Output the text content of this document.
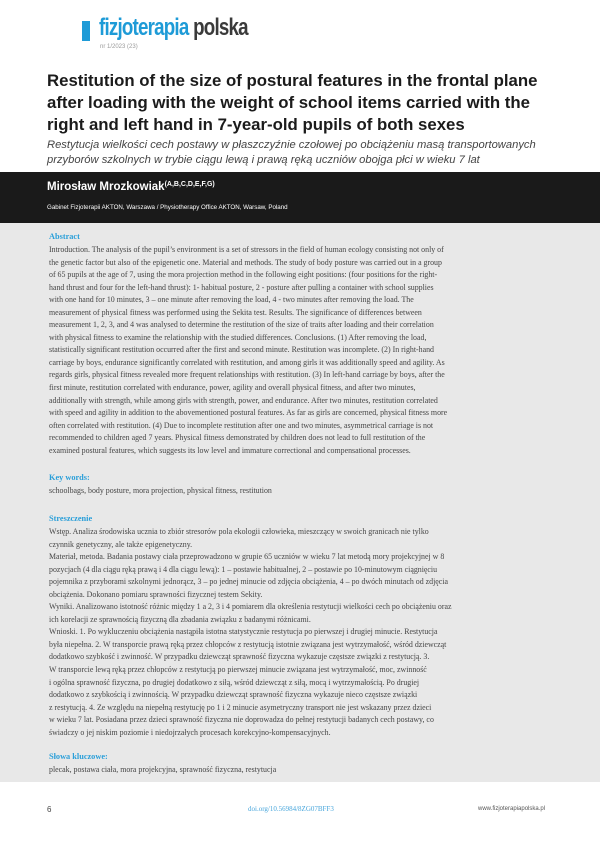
fizjoterapia polska
nr 1/2023 (23)
Restitution of the size of postural features in the frontal plane
after loading with the weight of school items carried with the
right and left hand in 7-year-old pupils of both sexes
Restytucja wielkości cech postawy w płaszczyźnie czołowej po obciążeniu masą transportowanych
przyborów szkolnych w trybie ciągu lewą i prawą ręką uczniów obojga płci w wieku 7 lat
Mirosław Mrozkowiak$^{(A,B,C,D,E,F,G)}$
Gabinet Fizjoterapii AKTON, Warszawa / Physiotherapy Office AKTON, Warsaw, Poland
Abstract
Introduction. The analysis of the pupil’s environment is a set of stressors in the field of human ecology consisting not only of
the genetic factor but also of the epigenetic one. Material and methods. The study of body posture was carried out in a group
of 65 pupils at the age of 7, using the mora projection method in the following eight positions: (four positions for the right-
hand thrust and four for the left-hand thrust): 1- habitual posture, 2 - posture after pulling a container with school supplies
with one hand for 10 minutes, 3 – one minute after removing the load, 4 - two minutes after removing the load. The
measurement of physical fitness was performed using the Sekita test. Results. The significance of differences between
measurement 1, 2, 3, and 4 was analysed to determine the restitution of the size of traits after loading and their correlation
with physical fitness to examine the relationship with the studied differences. Conclusions. (1) After removing the load,
statistically significant restitution occurred after the first and second minute. Restitution was incomplete. (2) In right-hand
carriage by boys, endurance significantly correlated with restitution, and among girls it was additionally speed and agility. As
regards girls, physical fitness revealed more frequent relationships with restitution. (3) In left-hand carriage by boys, after the
first minute, restitution correlated with endurance, power, agility and overall physical fitness, and after two minutes,
additionally with strength, while among girls with strength, power, and endurance. After two minutes, restitution correlated
with speed and agility in addition to the abovementioned postural features. As far as girls are concerned, physical fitness more
often correlated with restitution. (4) Due to incomplete restitution after one and two minutes, asymmetrical carriage is not
recommended to children aged 7 years. Physical fitness demonstrated by children does not lead to full restitution of the
examined postural features, which suggests its low level and immature correctional and compensational processes.
Key words:
schoolbags, body posture, mora projection, physical fitness, restitution
Streszczenie
Wstęp. Analiza środowiska ucznia to zbiór stresorów pola ekologii człowieka, mieszczący w swoich granicach nie tylko
czynnik genetyczny, ale także epigenetyczny.
Materiał, metoda. Badania postawy ciała przeprowadzono w grupie 65 uczniów w wieku 7 lat metodą mory projekcyjnej w 8
pozycjach (4 dla ciągu ręką prawą i 4 dla ciągu lewą): 1 – postawie habitualnej, 2 – postawie po 10-minutowym ciągnięciu
pojemnika z przyborami szkolnymi jednorącz, 3 – po jednej minucie od zdjęcia obciążenia, 4 – po dwóch minutach od zdjęcia
obciążenia. Dokonano pomiaru sprawności fizycznej testem Sekity.
Wyniki. Analizowano istotność różnic między 1 a 2, 3 i 4 pomiarem dla określenia restytucji wielkości cech po obciążeniu oraz
ich korelacji ze sprawnością fizyczną dla zbadania związku z badanymi różnicami.
Wnioski. 1. Po wykluczeniu obciążenia nastąpiła istotna statystycznie restytucja po pierwszej i drugiej minucie. Restytucja
była niepełna. 2. W transporcie prawą ręką przez chłopców z restytucją istotnie związana jest wytrzymałość, wśród dziewcząt
dodatkowo szybkość i zwinność. W przypadku dziewcząt sprawność fizyczna wykazuje częstsze związki z restytucją. 3.
W transporcie lewą ręką przez chłopców z restytucją po pierwszej minucie związana jest wytrzymałość, moc, zwinność
i ogólna sprawność fizyczna, po drugiej dodatkowo z siłą, wśród dziewcząt z siłą, mocą i wytrzymałością. Po drugiej
dodatkowo z szybkością i zwinnością. W przypadku dziewcząt sprawność fizyczna wykazuje nieco częstsze związki
z restytucją. 4. Ze względu na niepełną restytucję po 1 i 2 minucie asymetryczny transport nie jest wskazany przez dzieci
w wieku 7 lat. Posiadana przez dzieci sprawność fizyczna nie doprowadza do pełnej restytucji badanych cech postawy, co
świadczy o jej niskim poziomie i niedojrzałych procesach korekcyjno-kompensacyjnych.
Słowa kluczowe:
plecak, postawa ciała, mora projekcyjna, sprawność fizyczna, restytucja
6	doi.org/10.56984/8ZG07BFF3	www.fizjoterapiapolska.pl
